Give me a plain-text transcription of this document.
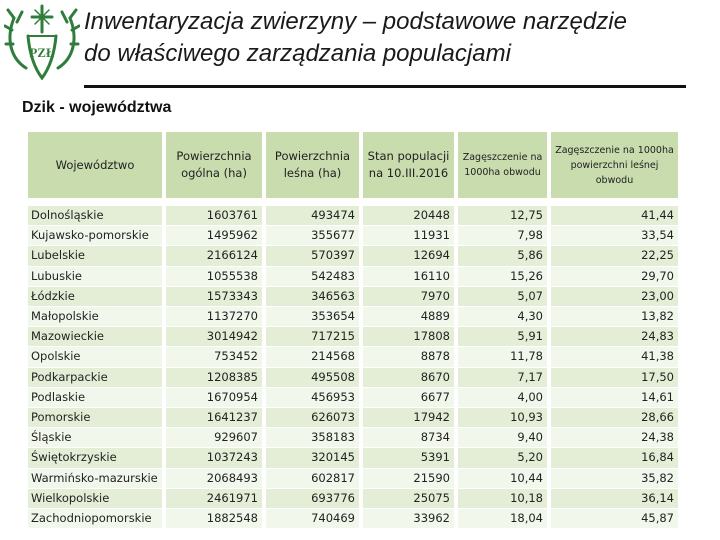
PZŁ
Inwentaryzacja zwierzyny – podstawowe narzędzie
do właściwego zarządzania populacjami
Dzik - województwa
Województwo	Powierzchnia ogólna (ha)	Powierzchnia leśna (ha)	Stan populacji na 10.III.2016	Zagęszczenie na 1000ha obwodu	Zagęszczenie na 1000ha powierzchni leśnej obwodu

Dolnośląskie	1603761	493474	20448	12,75	41,44
Kujawsko-pomorskie	1495962	355677	11931	7,98	33,54
Lubelskie	2166124	570397	12694	5,86	22,25
Lubuskie	1055538	542483	16110	15,26	29,70
Łódzkie	1573343	346563	7970	5,07	23,00
Małopolskie	1137270	353654	4889	4,30	13,82
Mazowieckie	3014942	717215	17808	5,91	24,83
Opolskie	753452	214568	8878	11,78	41,38
Podkarpackie	1208385	495508	8670	7,17	17,50
Podlaskie	1670954	456953	6677	4,00	14,61
Pomorskie	1641237	626073	17942	10,93	28,66
Śląskie	929607	358183	8734	9,40	24,38
Świętokrzyskie	1037243	320145	5391	5,20	16,84
Warmińsko-mazurskie	2068493	602817	21590	10,44	35,82
Wielkopolskie	2461971	693776	25075	10,18	36,14
Zachodniopomorskie	1882548	740469	33962	18,04	45,87
